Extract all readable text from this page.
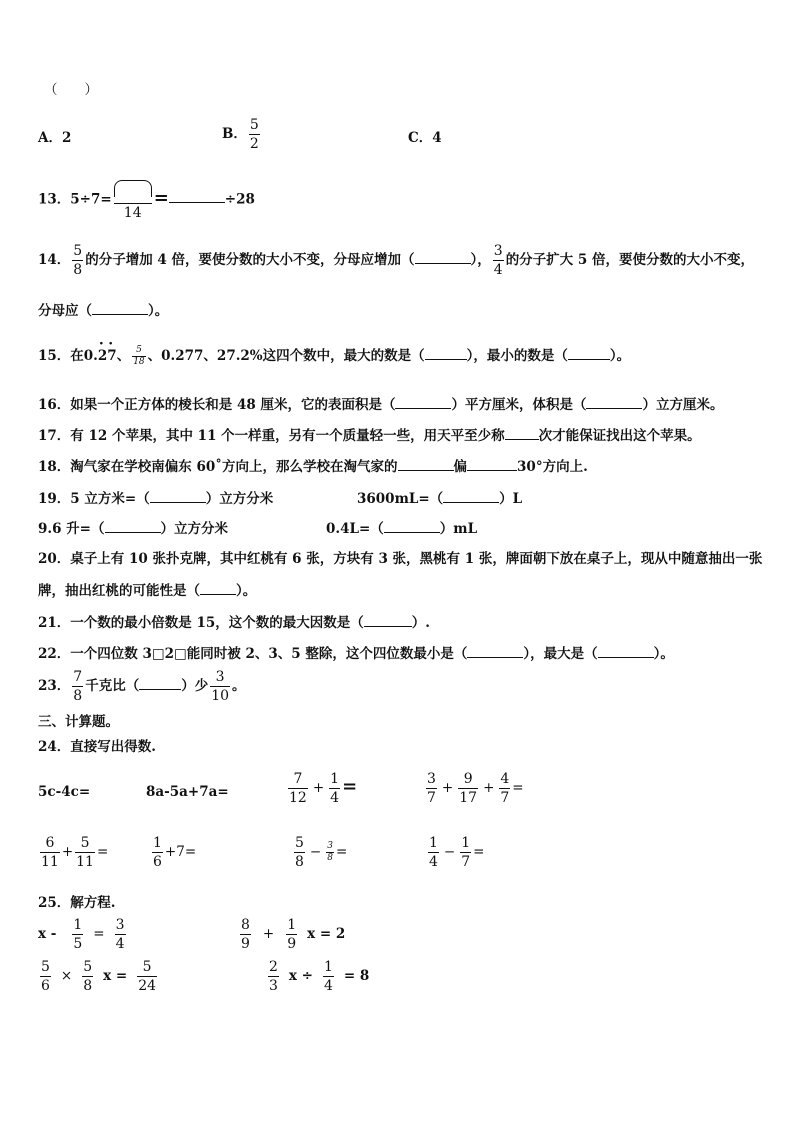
（　　）
A．2	B． $\frac{5}{2}$	C．4
13．5÷7=
14
=	÷28
14． $\frac{5}{8}$ 的分子增加 4 倍，要使分数的大小不变，分母应增加（	）， $\frac{3}{4}$ 的分子扩大 5 倍，要使分数的大小不变，
分母应（	）。
15．在0.· 2· 7、 $\frac{5}{18}$ 、0.277、27.2%这四个数中，最大的数是（	），最小的数是（	）。
16．如果一个正方体的棱长和是 48 厘米，它的表面积是（	）平方厘米，体积是（	）立方厘米。
17．有 12 个苹果，其中 11 个一样重，另有一个质量轻一些，用天平至少称	次才能保证找出这个苹果。
18．淘气家在学校南偏东 60˚方向上，那么学校在淘气家的	偏	30°方向上.
19．5 立方米=（	）立方分米	3600mL=（	）L
9.6 升=（	）立方分米	0.4L=（	）mL
20．桌子上有 10 张扑克牌，其中红桃有 6 张，方块有 3 张，黑桃有 1 张，牌面朝下放在桌子上，现从中随意抽出一张
牌，抽出红桃的可能性是（	）。
21．一个数的最小倍数是 15，这个数的最大因数是（	）.
22．一个四位数 3□2□能同时被 2、3、5 整除，这个四位数最小是（	），最大是（	）。
23． $\frac{7}{8}$ 千克比（	）少 $\frac{3}{10}$ 。
三、计算题。
24．直接写出得数.
5c-4c=	8a-5a+7a=	$\frac{7}{12} + \frac{1}{4}$ =	$\frac{3}{7} + \frac{9}{17} + \frac{4}{7}$ =
$\frac{6}{11} + \frac{5}{11}$ =	$\frac{1}{6} +7=$	$\frac{5}{8} - \frac{3}{8}$ =	$\frac{1}{4} - \frac{1}{7}$ =
25．解方程.
$x - \frac{1}{5} = \frac{3}{4}$	$\frac{8}{9} + \frac{1}{9}$ x = 2
$\frac{5}{6} \times \frac{5}{8}$ $x = \frac{5}{24}$	$\frac{2}{3}$ $x \div \frac{1}{4} = 8$
